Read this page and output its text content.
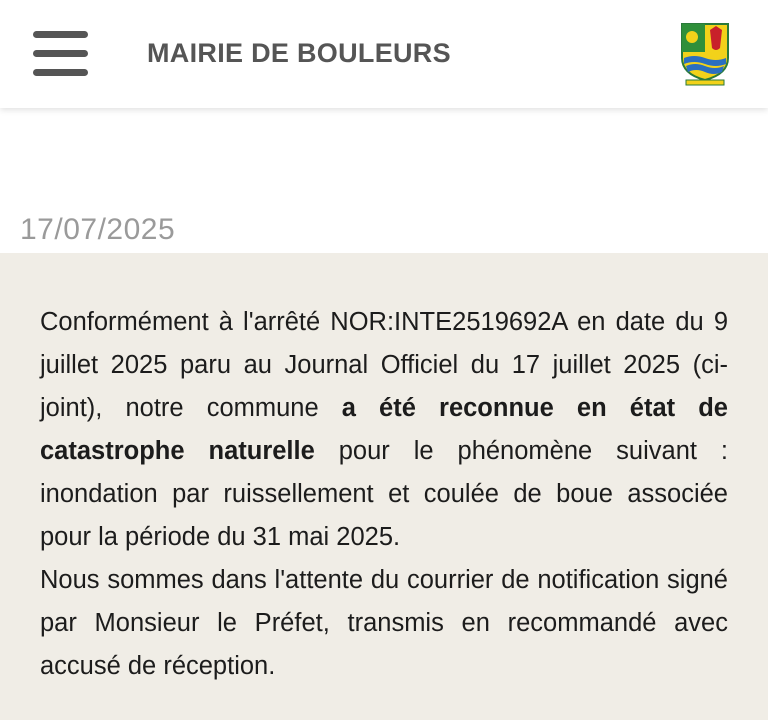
MAIRIE DE BOULEURS
17/07/2025

Conformément à l'arrêté NOR:INTE2519692A en date du 9 juillet 2025 paru au Journal Officiel du 17 juillet 2025 (ci-joint), notre commune a été reconnue en état de catastrophe naturelle pour le phénomène suivant : inondation par ruissellement et coulée de boue associée pour la période du 31 mai 2025.

Nous sommes dans l'attente du courrier de notification signé par Monsieur le Préfet, transmis en recommandé avec accusé de réception.
